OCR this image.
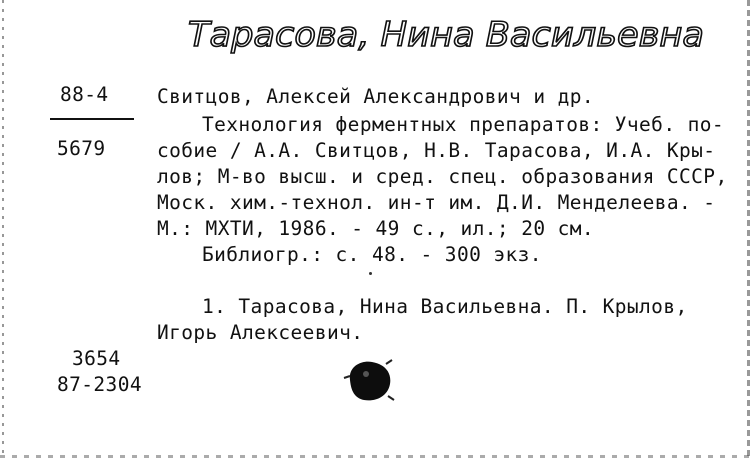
Тарасова, Нина Васильевна
88-4
5679
Свитцов, Алексей Александрович и др.
Технология ферментных препаратов: Учеб. по-
собие / А.А. Свитцов, Н.В. Тарасова, И.А. Кры-
лов; М-во высш. и сред. спец. образования СССР,
Моск. хим.-технол. ин-т им. Д.И. Менделеева. -
М.: МХТИ, 1986. - 49 с., ил.; 20 см.
Библиогр.: с. 48. - 300 экз.
1. Тарасова, Нина Васильевна. П. Крылов,
Игорь Алексеевич.
3654
87-2304
